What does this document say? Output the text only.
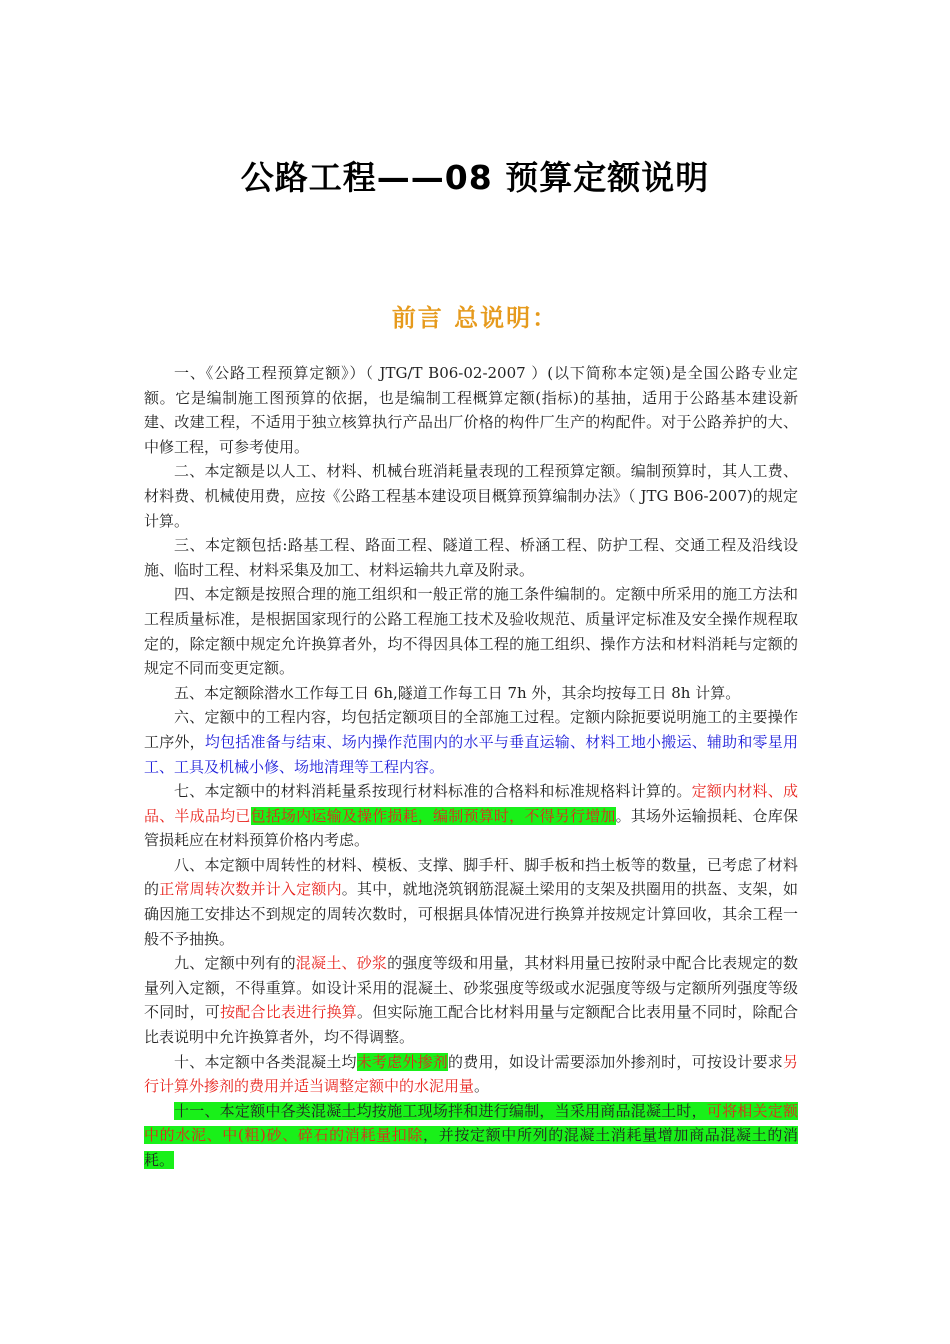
公路工程——08 预算定额说明
前言 总说明：

一、《公路工程预算定额》）（ JTG/T B06-02-2007 ）(以下简称本定领)是全国公路专业定额。它是编制施工图预算的依据，也是编制工程概算定额(指标)的基抽，适用于公路基本建设新建、改建工程，不适用于独立核算执行产品出厂价格的构件厂生产的构配件。对于公路养护的大、中修工程，可参考使用。

二、本定额是以人工、材料、机械台班消耗量表现的工程预算定额。编制预算时，其人工费、材料费、机械使用费，应按《公路工程基本建设项目概算预算编制办法》（ JTG B06-2007)的规定计算。

三、本定额包括:路基工程、路面工程、隧道工程、桥涵工程、防护工程、交通工程及沿线设施、临时工程、材料采集及加工、材料运输共九章及附录。

四、本定额是按照合理的施工组织和一般正常的施工条件编制的。定额中所采用的施工方法和工程质量标准，是根据国家现行的公路工程施工技术及验收规范、质量评定标准及安全操作规程取定的，除定额中规定允许换算者外，均不得因具体工程的施工组织、操作方法和材料消耗与定额的规定不同而变更定额。

五、本定额除潜水工作每工日 6h,隧道工作每工日 7h 外，其余均按每工日 8h 计算。

六、定额中的工程内容，均包括定额项目的全部施工过程。定额内除扼要说明施工的主要操作工序外，均包括准备与结束、场内操作范围内的水平与垂直运输、材料工地小搬运、辅助和零星用工、工具及机械小修、场地清理等工程内容。

七、本定额中的材料消耗量系按现行材料标准的合格料和标准规格料计算的。定额内材料、成品、半成品均已包括场内运输及操作损耗，编制预算时，不得另行增加。其场外运输损耗、仓库保管损耗应在材料预算价格内考虑。

八、本定额中周转性的材料、模板、支撑、脚手杆、脚手板和挡土板等的数量，已考虑了材料的正常周转次数并计入定额内。其中，就地浇筑钢筋混凝土梁用的支架及拱圈用的拱盔、支架，如确因施工安排达不到规定的周转次数时，可根据具体情况进行换算并按规定计算回收，其余工程一般不予抽换。

九、定额中列有的混凝土、砂浆的强度等级和用量，其材料用量已按附录中配合比表规定的数量列入定额，不得重算。如设计采用的混凝土、砂浆强度等级或水泥强度等级与定额所列强度等级不同时，可按配合比表进行换算。但实际施工配合比材料用量与定额配合比表用量不同时，除配合比表说明中允许换算者外，均不得调整。

十、本定额中各类混凝土均未考虑外掺剂的费用，如设计需要添加外掺剂时，可按设计要求另行计算外掺剂的费用并适当调整定额中的水泥用量。

十一、本定额中各类混凝土均按施工现场拌和进行编制，当采用商品混凝土时，可将相关定额中的水泥、中(粗)砂、碎石的消耗量扣除，并按定额中所列的混凝土消耗量增加商品混凝土的消耗。
